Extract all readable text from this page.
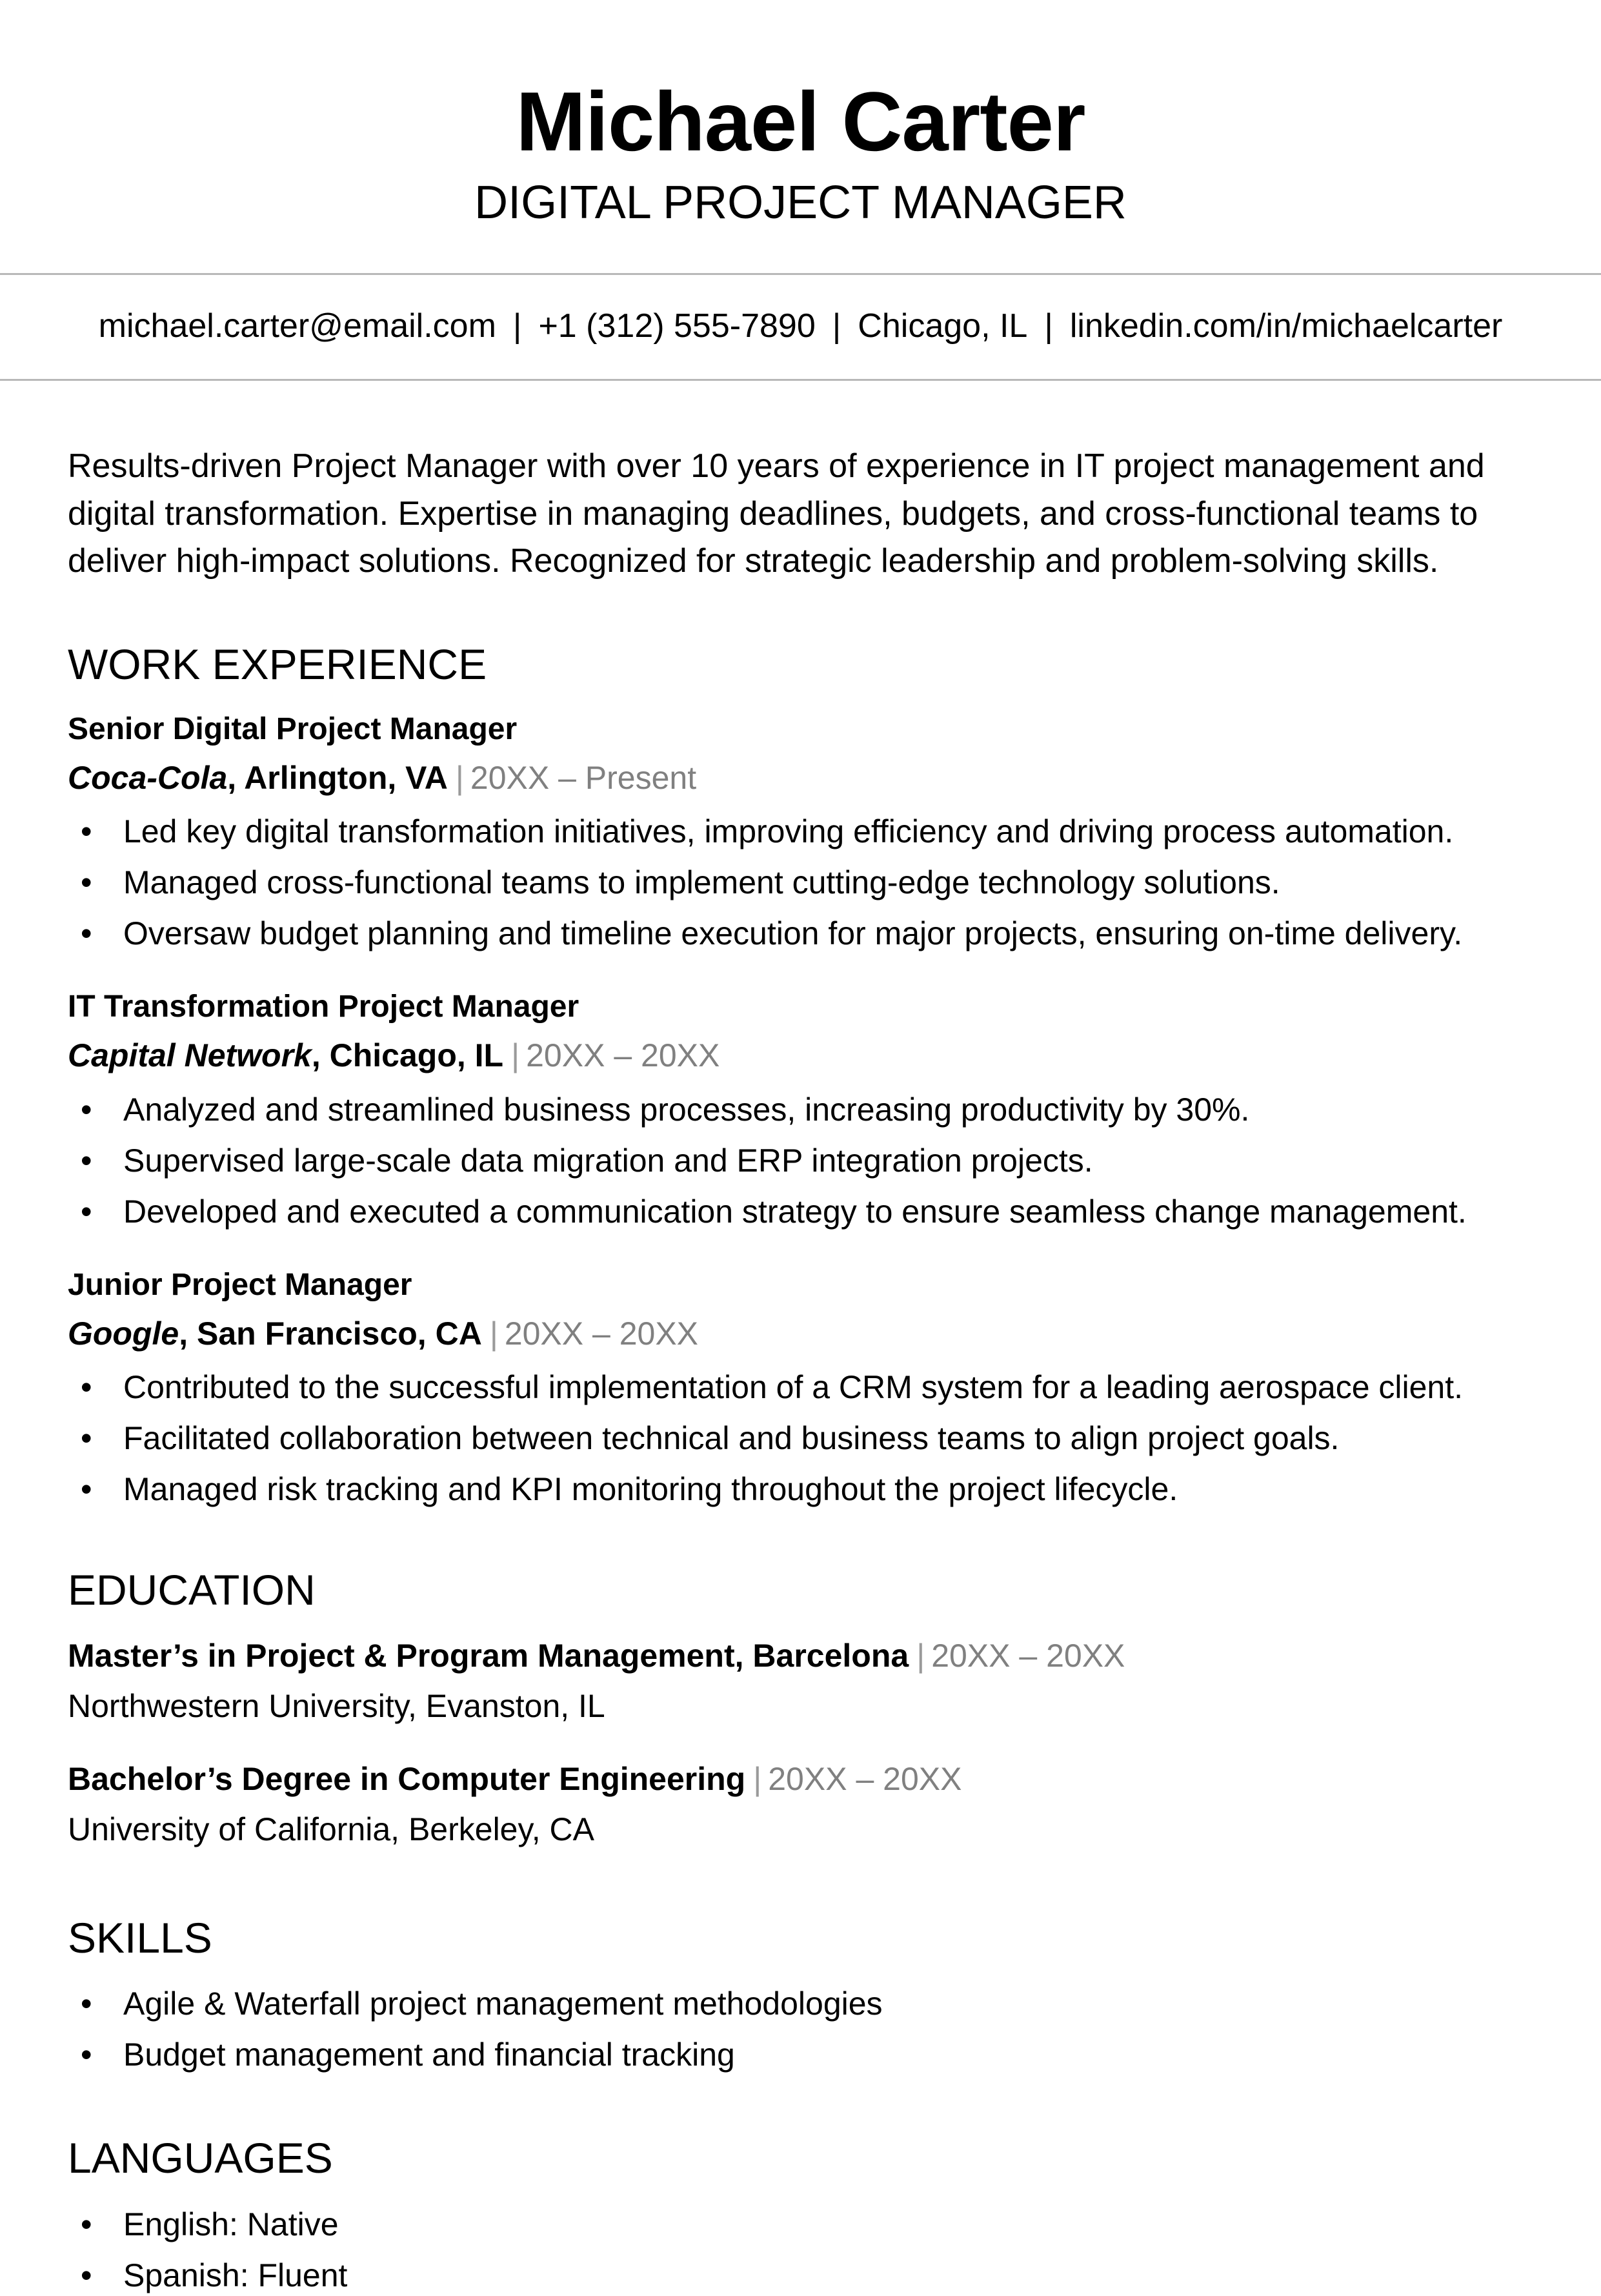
Michael Carter
DIGITAL PROJECT MANAGER
michael.carter@email.com | +1 (312) 555-7890 | Chicago, IL | linkedin.com/in/michaelcarter

Results-driven Project Manager with over 10 years of experience in IT project management and digital transformation. Expertise in managing deadlines, budgets, and cross-functional teams to deliver high-impact solutions. Recognized for strategic leadership and problem-solving skills.

WORK EXPERIENCE
Senior Digital Project Manager
Coca-Cola, Arlington, VA | 20XX – Present
• Led key digital transformation initiatives, improving efficiency and driving process automation.
• Managed cross-functional teams to implement cutting-edge technology solutions.
• Oversaw budget planning and timeline execution for major projects, ensuring on-time delivery.
IT Transformation Project Manager
Capital Network, Chicago, IL | 20XX – 20XX
• Analyzed and streamlined business processes, increasing productivity by 30%.
• Supervised large-scale data migration and ERP integration projects.
• Developed and executed a communication strategy to ensure seamless change management.
Junior Project Manager
Google, San Francisco, CA | 20XX – 20XX
• Contributed to the successful implementation of a CRM system for a leading aerospace client.
• Facilitated collaboration between technical and business teams to align project goals.
• Managed risk tracking and KPI monitoring throughout the project lifecycle.
EDUCATION
Master’s in Project & Program Management, Barcelona | 20XX – 20XX
Northwestern University, Evanston, IL
Bachelor’s Degree in Computer Engineering | 20XX – 20XX
University of California, Berkeley, CA
SKILLS
• Agile & Waterfall project management methodologies
• Budget management and financial tracking
LANGUAGES
• English: Native
• Spanish: Fluent
